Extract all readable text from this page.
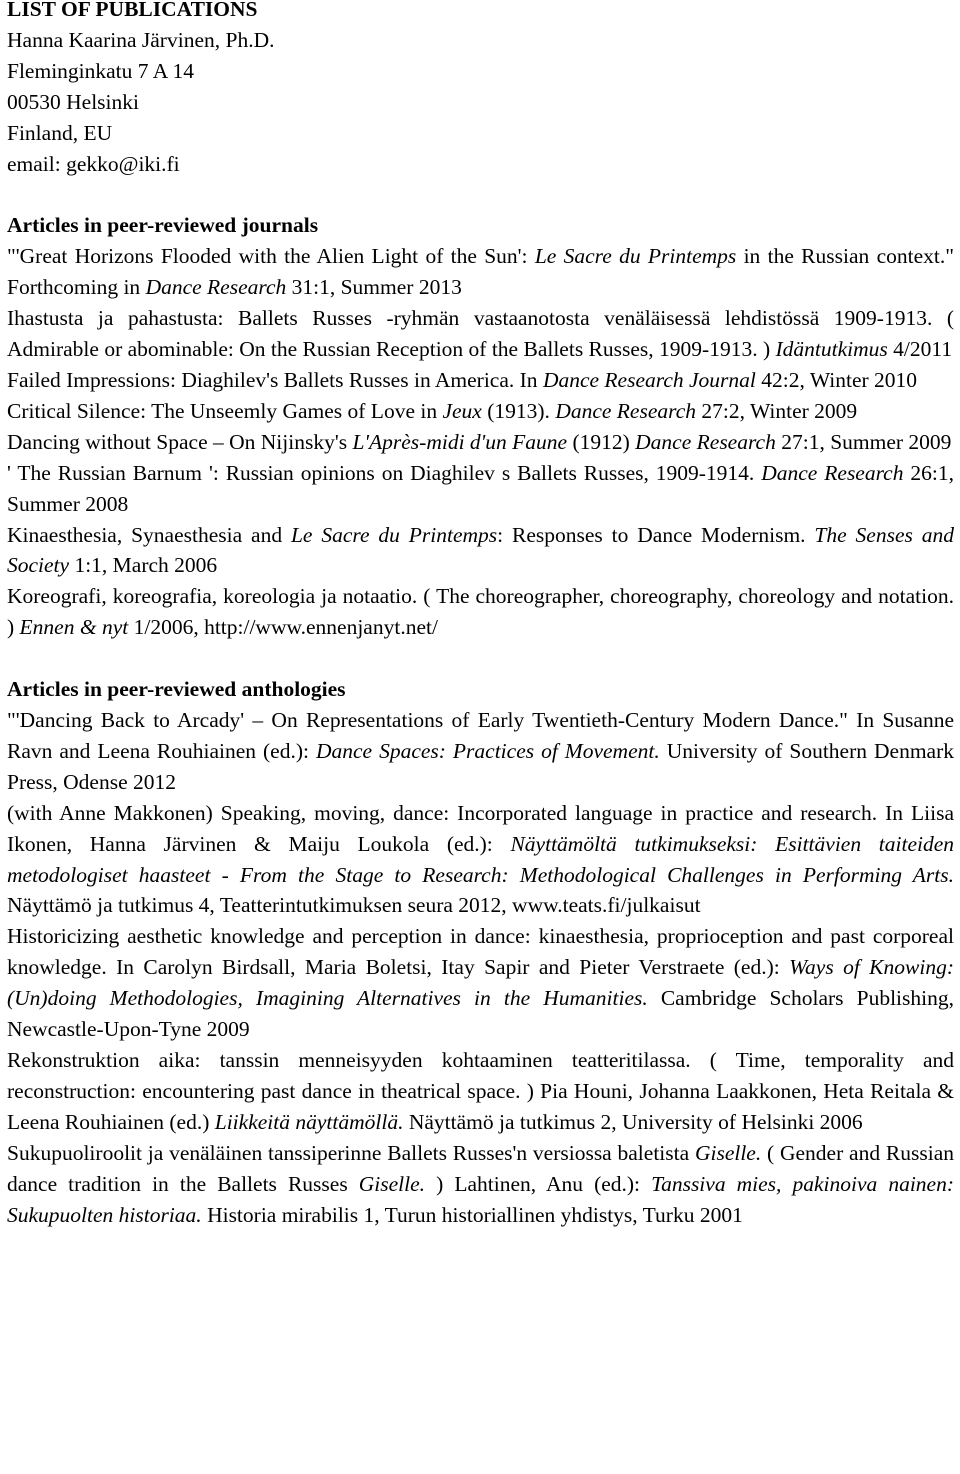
LIST OF PUBLICATIONS
Hanna Kaarina Järvinen, Ph.D.
Fleminginkatu 7 A 14
00530 Helsinki
Finland, EU
email: gekko@iki.fi
Articles in peer-reviewed journals
"'Great Horizons Flooded with the Alien Light of the Sun': Le Sacre du Printemps in the Russian context." Forthcoming in Dance Research 31:1, Summer 2013
Ihastusta ja pahastusta: Ballets Russes -ryhmän vastaanotosta venäläisessä lehdistössä 1909-1913. ( Admirable or abominable: On the Russian Reception of the Ballets Russes, 1909-1913. ) Idäntutkimus 4/2011
Failed Impressions: Diaghilev's Ballets Russes in America. In Dance Research Journal 42:2, Winter 2010
Critical Silence: The Unseemly Games of Love in Jeux (1913). Dance Research 27:2, Winter 2009
Dancing without Space – On Nijinsky's L'Après-midi d'un Faune (1912) Dance Research 27:1, Summer 2009
' The Russian Barnum ': Russian opinions on Diaghilev s Ballets Russes, 1909-1914. Dance Research 26:1, Summer 2008
Kinaesthesia, Synaesthesia and Le Sacre du Printemps: Responses to Dance Modernism. The Senses and Society 1:1, March 2006
Koreografi, koreografia, koreologia ja notaatio. ( The choreographer, choreography, choreology and notation. ) Ennen & nyt 1/2006, http://www.ennenjanyt.net/
Articles in peer-reviewed anthologies
"'Dancing Back to Arcady' – On Representations of Early Twentieth-Century Modern Dance." In Susanne Ravn and Leena Rouhiainen (ed.): Dance Spaces: Practices of Movement. University of Southern Denmark Press, Odense 2012
(with Anne Makkonen) Speaking, moving, dance: Incorporated language in practice and research. In Liisa Ikonen, Hanna Järvinen & Maiju Loukola (ed.): Näyttämöltä tutkimukseksi: Esittävien taiteiden metodologiset haasteet - From the Stage to Research: Methodological Challenges in Performing Arts. Näyttämö ja tutkimus 4, Teatterintutkimuksen seura 2012, www.teats.fi/julkaisut
Historicizing aesthetic knowledge and perception in dance: kinaesthesia, proprioception and past corporeal knowledge. In Carolyn Birdsall, Maria Boletsi, Itay Sapir and Pieter Verstraete (ed.): Ways of Knowing: (Un)doing Methodologies, Imagining Alternatives in the Humanities. Cambridge Scholars Publishing, Newcastle-Upon-Tyne 2009
Rekonstruktion aika: tanssin menneisyyden kohtaaminen teatteritilassa. ( Time, temporality and reconstruction: encountering past dance in theatrical space. ) Pia Houni, Johanna Laakkonen, Heta Reitala & Leena Rouhiainen (ed.) Liikkeitä näyttämöllä. Näyttämö ja tutkimus 2, University of Helsinki 2006
Sukupuoliroolit ja venäläinen tanssiperinne Ballets Russes'n versiossa baletista Giselle. ( Gender and Russian dance tradition in the Ballets Russes Giselle. ) Lahtinen, Anu (ed.): Tanssiva mies, pakinoiva nainen: Sukupuolten historiaa. Historia mirabilis 1, Turun historiallinen yhdistys, Turku 2001
